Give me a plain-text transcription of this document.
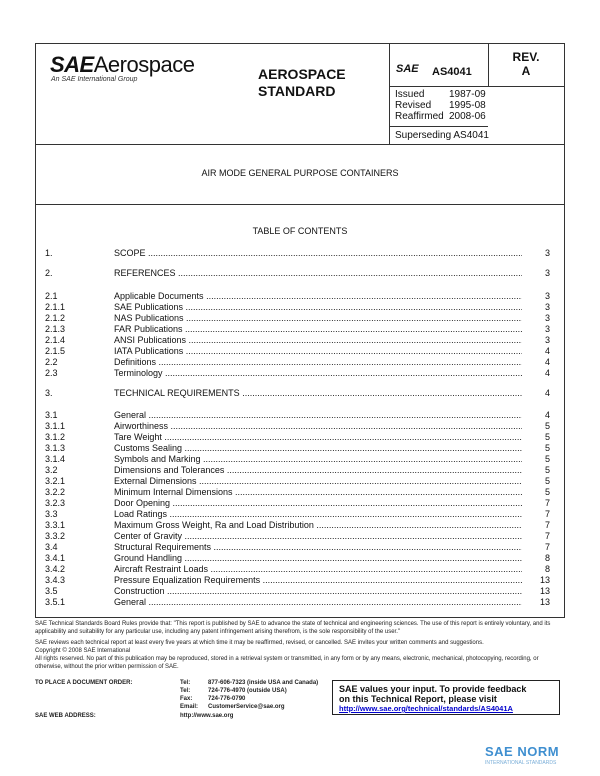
SAEAerospace
An SAE International Group	AEROSPACE
STANDARD
SAE AS4041
REV.
A
Issued 1987-09
Revised 1995-08
Reaffirmed 2008-06
Superseding AS4041
AIR MODE GENERAL PURPOSE CONTAINERS
TABLE OF CONTENTS
1.	SCOPE .....	3
2.	REFERENCES .....	3
2.1	Applicable Documents .....	3
2.1.1	SAE Publications .....	3
2.1.2	NAS Publications .....	3
2.1.3	FAR Publications .....	3
2.1.4	ANSI Publications .....	3
2.1.5	IATA Publications .....	4
2.2	Definitions .....	4
2.3	Terminology .....	4
3.	TECHNICAL REQUIREMENTS .....	4
3.1	General .....	4
3.1.1	Airworthiness .....	5
3.1.2	Tare Weight .....	5
3.1.3	Customs Sealing .....	5
3.1.4	Symbols and Marking .....	5
3.2	Dimensions and Tolerances .....	5
3.2.1	External Dimensions .....	5
3.2.2	Minimum Internal Dimensions .....	5
3.2.3	Door Opening .....	7
3.3	Load Ratings .....	7
3.3.1	Maximum Gross Weight, Ra and Load Distribution .....	7
3.3.2	Center of Gravity .....	7
3.4	Structural Requirements .....	7
3.4.1	Ground Handling .....	8
3.4.2	Aircraft Restraint Loads .....	8
3.4.3	Pressure Equalization Requirements .....	13
3.5	Construction .....	13
3.5.1	General .....	13
SAE Technical Standards Board Rules provide that: "This report is published by SAE to advance the state of technical and engineering sciences. The use of this report is entirely voluntary, and its applicability and suitability for any particular use, including any patent infringement arising therefrom, is the sole responsibility of the user."
SAE reviews each technical report at least every five years at which time it may be reaffirmed, revised, or cancelled. SAE invites your written comments and suggestions.
Copyright © 2008 SAE International
All rights reserved. No part of this publication may be reproduced, stored in a retrieval system or transmitted, in any form or by any means, electronic, mechanical, photocopying, recording, or otherwise, without the prior written permission of SAE.
TO PLACE A DOCUMENT ORDER:	Tel:	877-606-7323 (inside USA and Canada)
Tel:	724-776-4970 (outside USA)
Fax:	724-776-0790
Email: CustomerService@sae.org
SAE WEB ADDRESS:	http://www.sae.org
SAE values your input. To provide feedback
on this Technical Report, please visit
http://www.sae.org/technical/standards/AS4041A
SAE NORM
INTERNATIONAL STANDARDS
